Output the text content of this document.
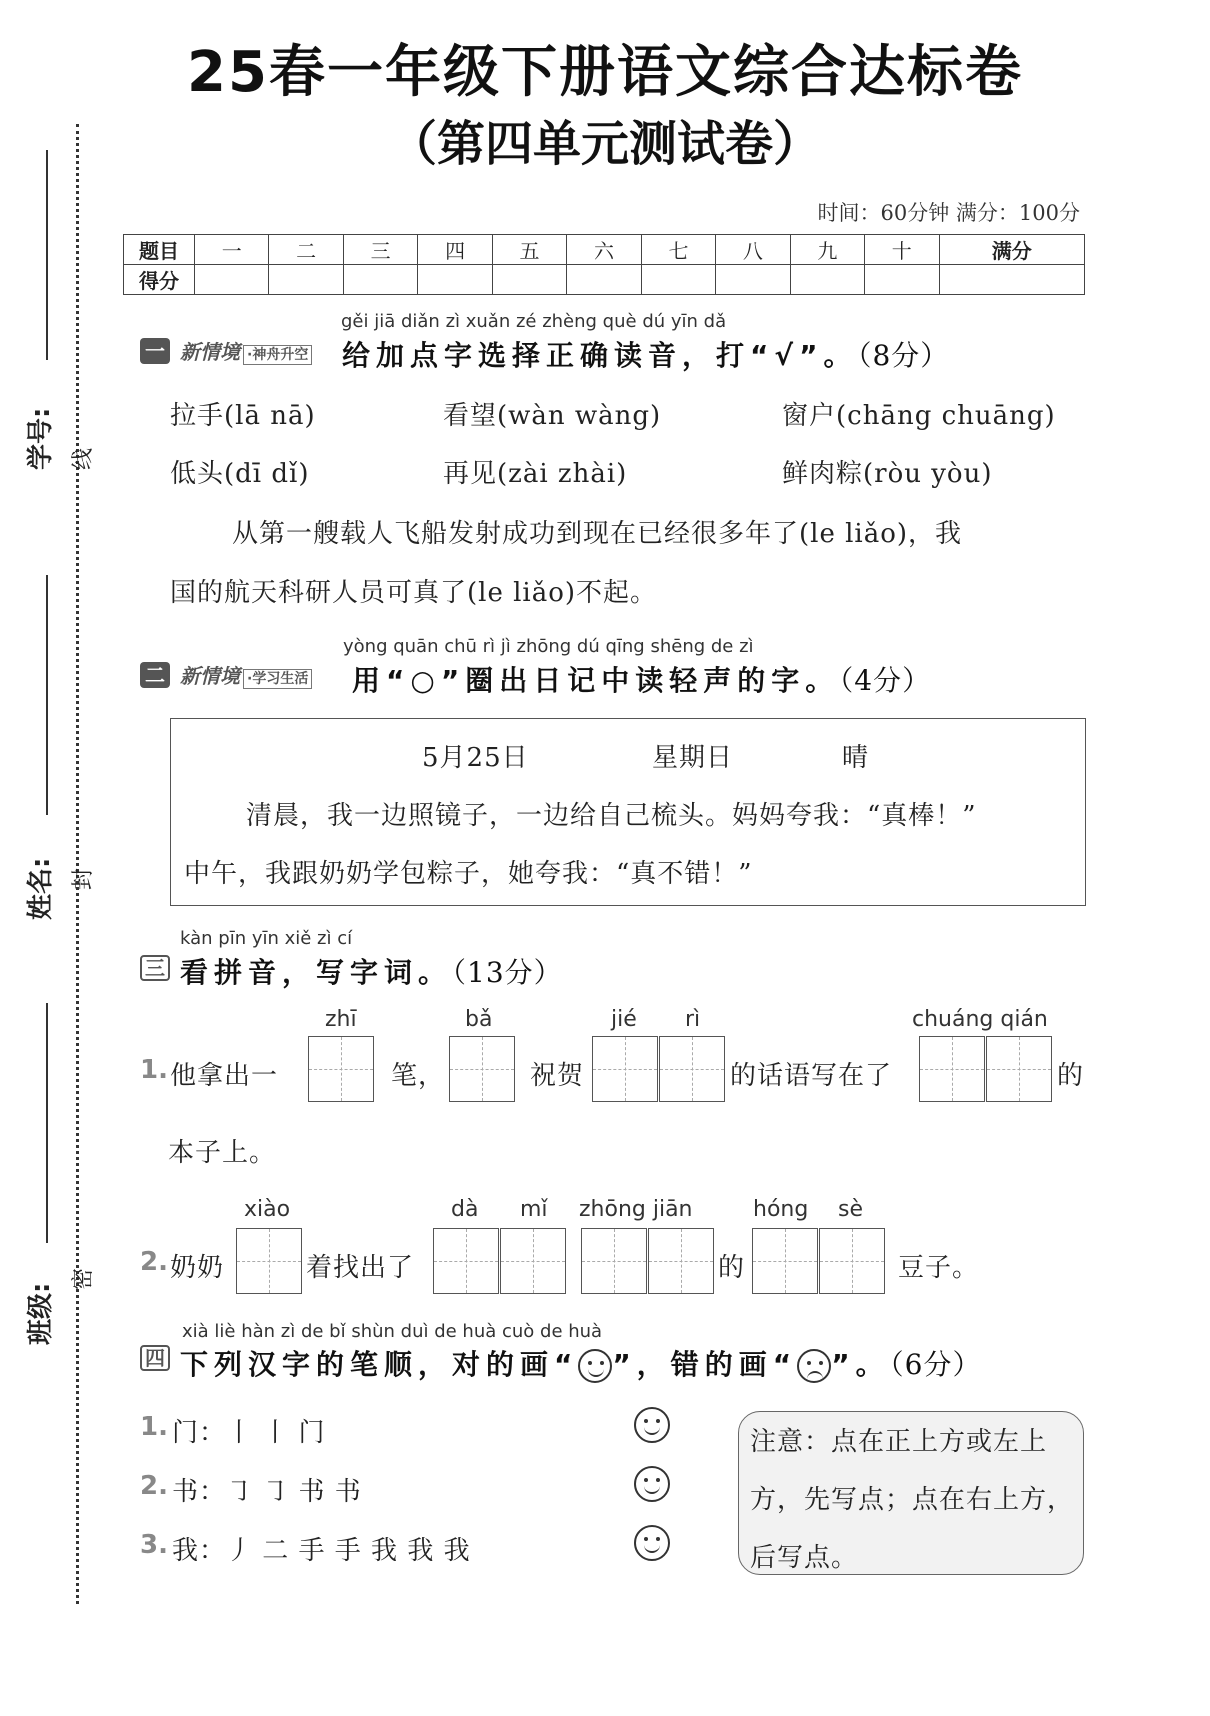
25春一年级下册语文综合达标卷
（第四单元测试卷）
时间：60分钟 满分：100分
题目	一	二	三	四	五	六	七	八	九	十	满分
得分											
学号: 线
姓名: 封
班级:
密
一 新情境 ·神舟升空
gěi jiā diǎn zì xuǎn zé zhèng què dú yīn dǎ
给加点字选择正确读音，打“√”。（8分）
拉手(lā nā)	看望(wàn wàng)	窗户(chāng chuāng)
低头(dī dǐ)	再见(zài zhài)	鲜肉粽(ròu yòu)
从第一艘载人飞船发射成功到现在已经很多年了(le liǎo)，我
国的航天科研人员可真了(le liǎo)不起。
二 新情境 ·学习生活
yòng quān chū rì jì zhōng dú qīng shēng de zì
用“○”圈出日记中读轻声的字。（4分）
5月25日	星期日	晴
清晨，我一边照镜子，一边给自己梳头。妈妈夸我：“真棒！”
中午，我跟奶奶学包粽子，她夸我：“真不错！”
三
kàn pīn yīn xiě zì cí
看拼音，写字词。（13分）
zhī	bǎ	jié rì	chuáng qián
1. 他拿出一	笔，	祝贺	的话语写在了	的
本子上。
xiào	dà mǐ zhōng jiān	hóng sè
2. 奶奶	着找出了	的	豆子。
四
xià liè hàn zì de bǐ shùn duì de huà cuò de huà
下列汉字的笔顺，对的画“ ”，错的画“ ”。（6分）
1. 门：丨 丨 门
2. 书：㇆ ㇆ 书 书
3. 我：丿 二 手 手 我 我 我
注意：点在正上方或左上方，先写点；点在右上方，后写点。
